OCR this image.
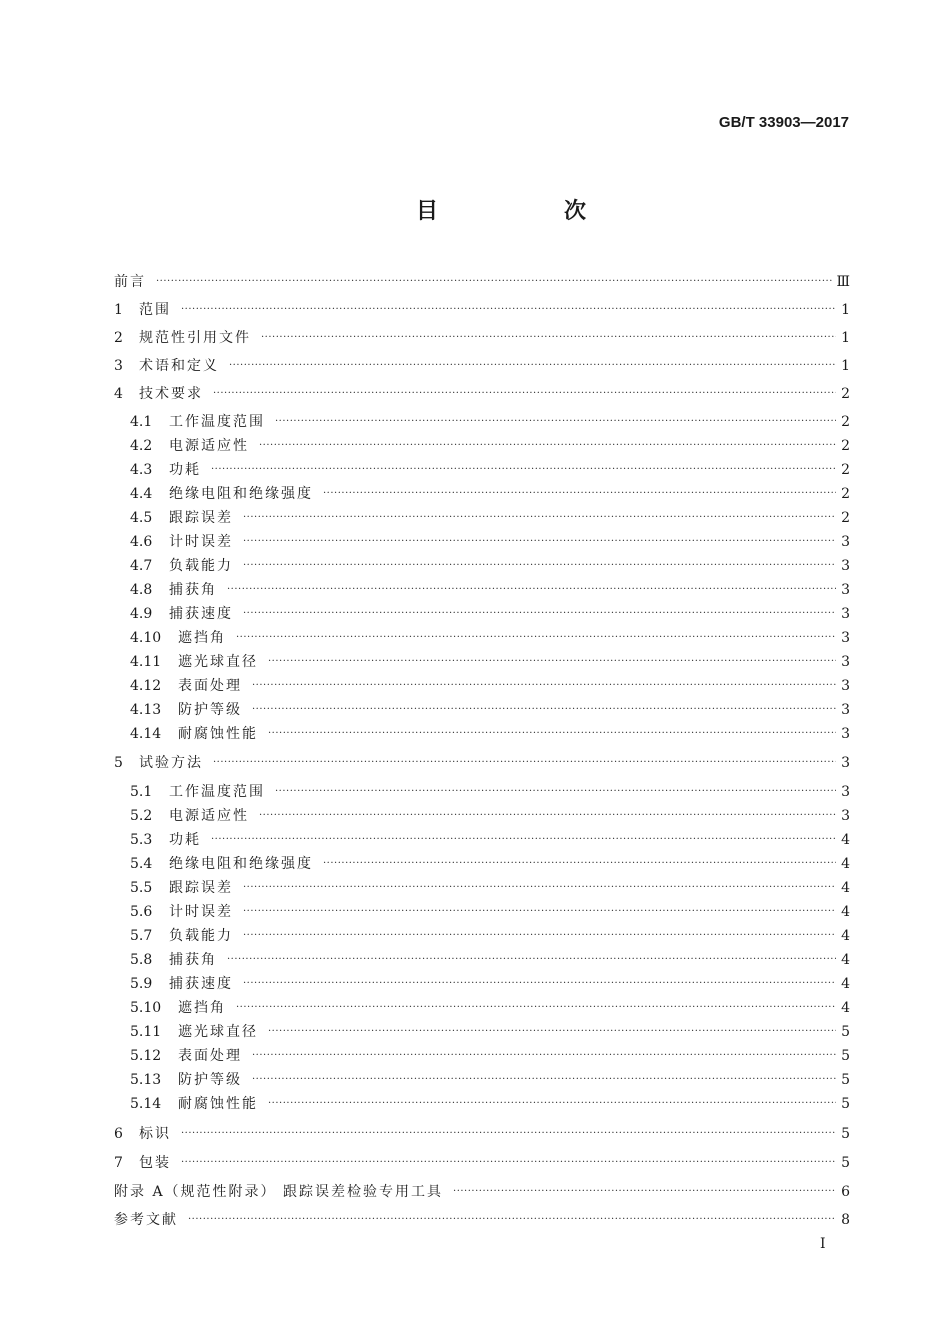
GB/T 33903—2017
目　次
前言 ·····	Ⅲ
1	范围 ·····	1
2	规范性引用文件 ·····	1
3	术语和定义 ·····	1
4	技术要求 ·····	2
4.1	工作温度范围 ·····	2
4.2	电源适应性 ·····	2
4.3	功耗 ·····	2
4.4	绝缘电阻和绝缘强度 ·····	2
4.5	跟踪误差 ·····	2
4.6	计时误差 ·····	3
4.7	负载能力 ·····	3
4.8	捕获角 ·····	3
4.9	捕获速度 ·····	3
4.10	遮挡角 ·····	3
4.11	遮光球直径 ·····	3
4.12	表面处理 ·····	3
4.13	防护等级 ·····	3
4.14	耐腐蚀性能 ·····	3
5	试验方法 ·····	3
5.1	工作温度范围 ·····	3
5.2	电源适应性 ·····	3
5.3	功耗 ·····	4
5.4	绝缘电阻和绝缘强度 ·····	4
5.5	跟踪误差 ·····	4
5.6	计时误差 ·····	4
5.7	负载能力 ·····	4
5.8	捕获角 ·····	4
5.9	捕获速度 ·····	4
5.10	遮挡角 ·····	4
5.11	遮光球直径 ·····	5
5.12	表面处理 ·····	5
5.13	防护等级 ·····	5
5.14	耐腐蚀性能 ·····	5
6	标识 ·····	5
7	包装 ·····	5
附录 A（规范性附录） 跟踪误差检验专用工具 ·····	6
参考文献 ·····	8
Ⅰ
